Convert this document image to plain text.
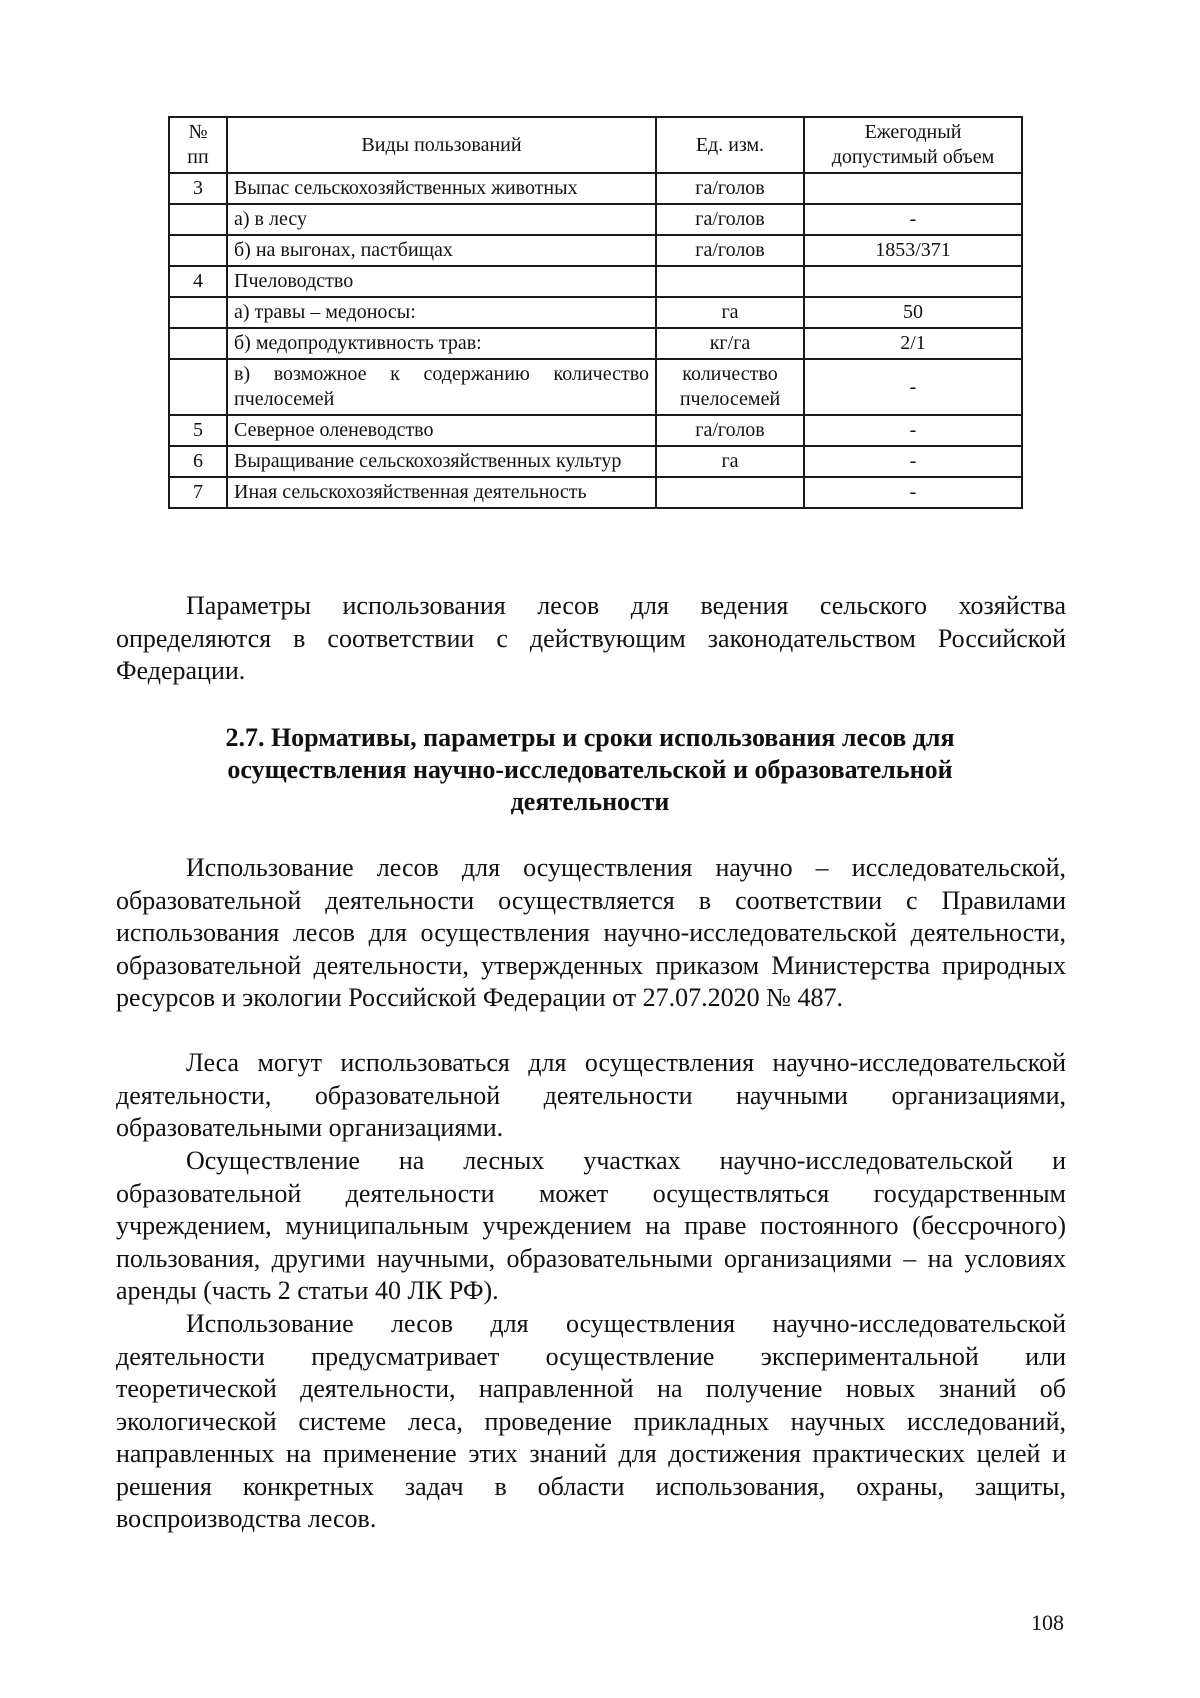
№ пп	Виды пользований	Ед. изм.	Ежегодный допустимый объем
3	Выпас сельскохозяйственных животных	га/голов	
	а) в лесу	га/голов	-
	б) на выгонах, пастбищах	га/голов	1853/371
4	Пчеловодство		
	а) травы – медоносы:	га	50
	б) медопродуктивность трав:	кг/га	2/1
	в) возможное к содержанию количество пчелосемей	количество пчелосемей	-
5	Северное оленеводство	га/голов	-
6	Выращивание сельскохозяйственных культур	га	-
7	Иная сельскохозяйственная деятельность		-

Параметры использования лесов для ведения сельского хозяйства определяются в соответствии с действующим законодательством Российской Федерации.

2.7. Нормативы, параметры и сроки использования лесов для осуществления научно-исследовательской и образовательной деятельности

Использование лесов для осуществления научно – исследовательской, образовательной деятельности осуществляется в соответствии с Правилами использования лесов для осуществления научно-исследовательской деятельности, образовательной деятельности, утвержденных приказом Министерства природных ресурсов и экологии Российской Федерации от 27.07.2020 № 487.

Леса могут использоваться для осуществления научно-исследовательской деятельности, образовательной деятельности научными организациями, образовательными организациями.

Осуществление на лесных участках научно-исследовательской и образовательной деятельности может осуществляться государственным учреждением, муниципальным учреждением на праве постоянного (бессрочного) пользования, другими научными, образовательными организациями – на условиях аренды (часть 2 статьи 40 ЛК РФ).

Использование лесов для осуществления научно-исследовательской деятельности предусматривает осуществление экспериментальной или теоретической деятельности, направленной на получение новых знаний об экологической системе леса, проведение прикладных научных исследований, направленных на применение этих знаний для достижения практических целей и решения конкретных задач в области использования, охраны, защиты, воспроизводства лесов.

108
